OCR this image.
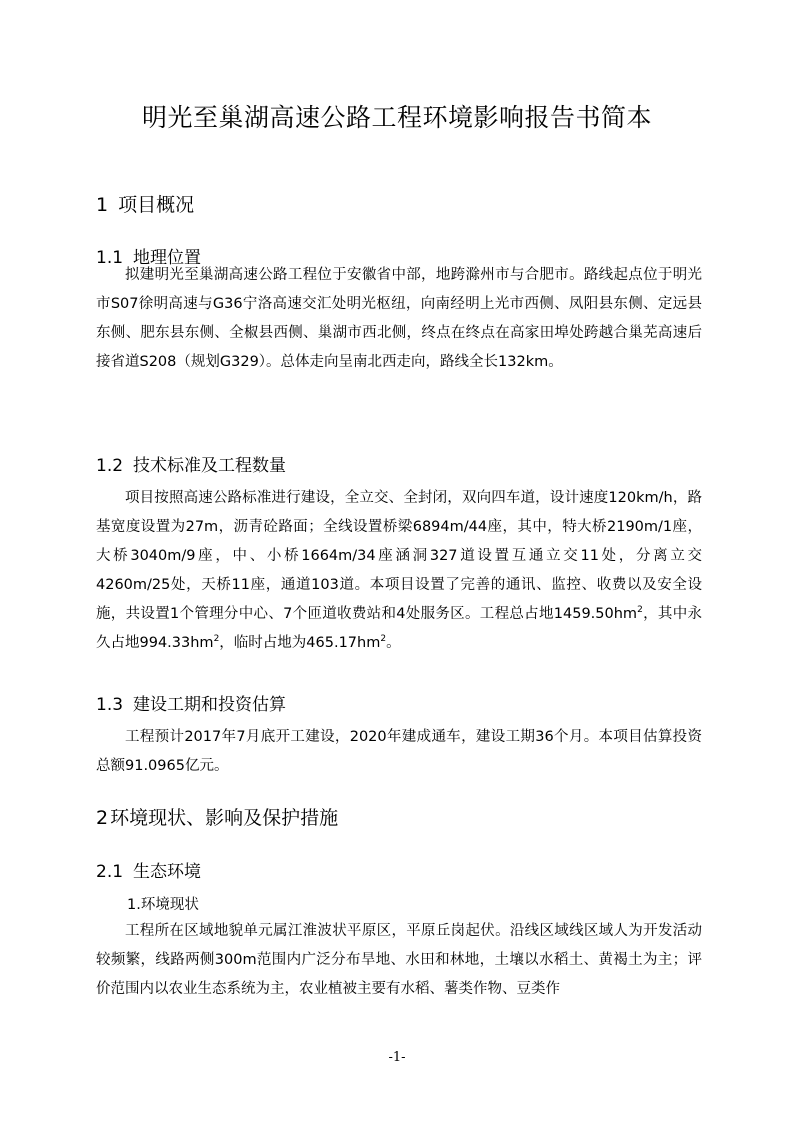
明光至巢湖高速公路工程环境影响报告书简本
1 项目概况
1.1 地理位置

拟建明光至巢湖高速公路工程位于安徽省中部，地跨滁州市与合肥市。路线起点位于明光市S07徐明高速与G36宁洛高速交汇处明光枢纽，向南经明上光市西侧、凤阳县东侧、定远县东侧、肥东县东侧、全椒县西侧、巢湖市西北侧，终点在终点在高家田埠处跨越合巢芜高速后接省道S208（规划G329）。总体走向呈南北西走向，路线全长132km。

1.2 技术标准及工程数量

项目按照高速公路标准进行建设，全立交、全封闭，双向四车道，设计速度120km/h，路基宽度设置为27m，沥青砼路面；全线设置桥梁6894m/44座，其中，特大桥2190m/1座，大桥3040m/9座，中、小桥1664m/34座涵洞327道设置互通立交11处，分离立交4260m/25处，天桥11座，通道103道。本项目设置了完善的通讯、监控、收费以及安全设施，共设置1个管理分中心、7个匝道收费站和4处服务区。工程总占地$1459.50hm^2$，其中永久占地$994.33hm^2$，临时占地为$465.17hm^2$。

1.3 建设工期和投资估算

工程预计2017年7月底开工建设，2020年建成通车，建设工期36个月。本项目估算投资总额91.0965亿元。

2 环境现状、影响及保护措施
2.1 生态环境

1.环境现状

工程所在区域地貌单元属江淮波状平原区，平原丘岗起伏。沿线区域线区域人为开发活动较频繁，线路两侧300m范围内广泛分布旱地、水田和林地，土壤以水稻土、黄褐土为主；评价范围内以农业生态系统为主，农业植被主要有水稻、薯类作物、豆类作

-1-
